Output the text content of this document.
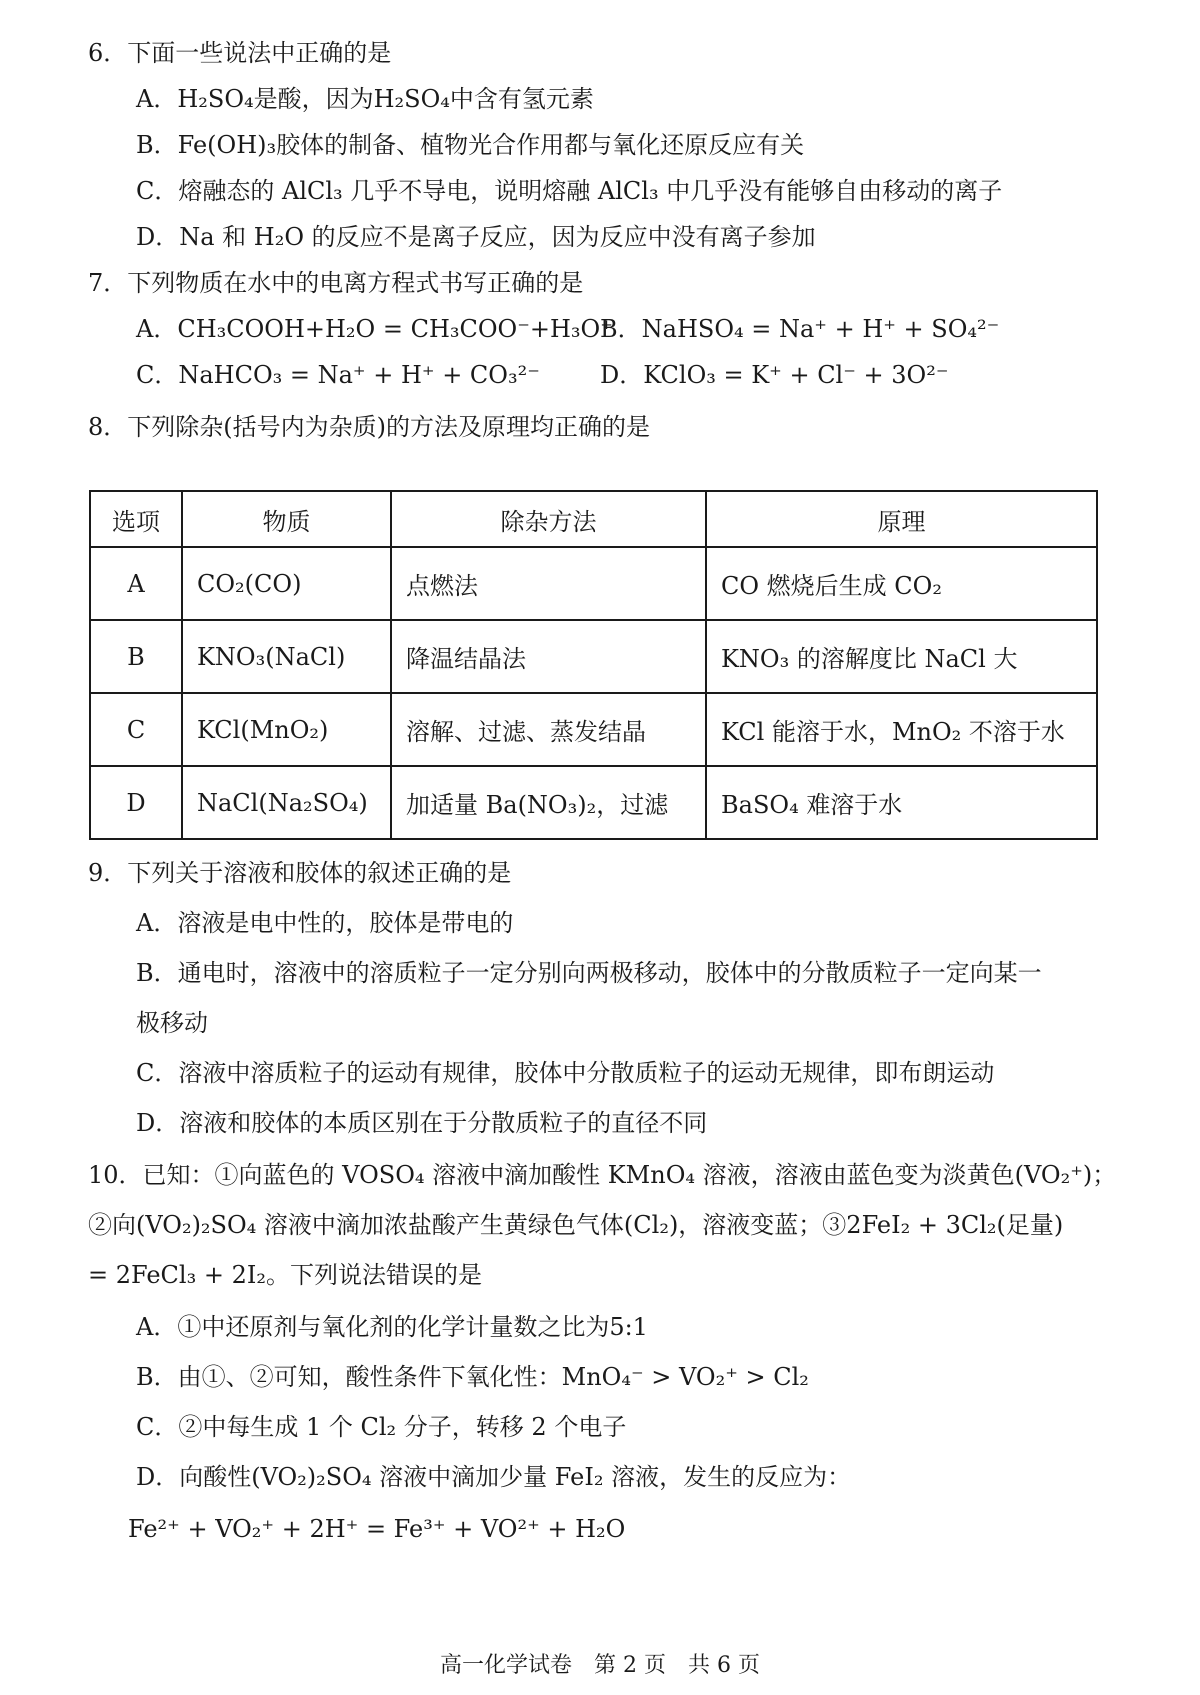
6．下面一些说法中正确的是
A．H₂SO₄是酸，因为H₂SO₄中含有氢元素
B．Fe(OH)₃胶体的制备、植物光合作用都与氧化还原反应有关
C．熔融态的 AlCl₃ 几乎不导电，说明熔融 AlCl₃ 中几乎没有能够自由移动的离子
D．Na 和 H₂O 的反应不是离子反应，因为反应中没有离子参加
7．下列物质在水中的电离方程式书写正确的是
A．CH₃COOH+H₂O = CH₃COO⁻+H₃O⁺
B．NaHSO₄ = Na⁺ + H⁺ + SO₄²⁻
C．NaHCO₃ = Na⁺ + H⁺ + CO₃²⁻	D．KClO₃ = K⁺ + Cl⁻ + 3O²⁻
8．下列除杂(括号内为杂质)的方法及原理均正确的是
选项	物质	除杂方法	原理
A	CO₂(CO)	点燃法	CO 燃烧后生成 CO₂
B	KNO₃(NaCl)	降温结晶法	KNO₃ 的溶解度比 NaCl 大
C	KCl(MnO₂)	溶解、过滤、蒸发结晶	KCl 能溶于水，MnO₂ 不溶于水
D	NaCl(Na₂SO₄)	加适量 Ba(NO₃)₂，过滤	BaSO₄ 难溶于水
9．下列关于溶液和胶体的叙述正确的是
A．溶液是电中性的，胶体是带电的
B．通电时，溶液中的溶质粒子一定分别向两极移动，胶体中的分散质粒子一定向某一
极移动
C．溶液中溶质粒子的运动有规律，胶体中分散质粒子的运动无规律，即布朗运动
D．溶液和胶体的本质区别在于分散质粒子的直径不同
10．已知：①向蓝色的 VOSO₄ 溶液中滴加酸性 KMnO₄ 溶液，溶液由蓝色变为淡黄色(VO₂⁺)；
②向(VO₂)₂SO₄ 溶液中滴加浓盐酸产生黄绿色气体(Cl₂)，溶液变蓝；③2FeI₂ + 3Cl₂(足量)
= 2FeCl₃ + 2I₂。下列说法错误的是
A．①中还原剂与氧化剂的化学计量数之比为5:1
B．由①、②可知，酸性条件下氧化性：MnO₄⁻ > VO₂⁺ > Cl₂
C．②中每生成 1 个 Cl₂ 分子，转移 2 个电子
D．向酸性(VO₂)₂SO₄ 溶液中滴加少量 FeI₂ 溶液，发生的反应为：
Fe²⁺ + VO₂⁺ + 2H⁺ = Fe³⁺ + VO²⁺ + H₂O
高一化学试卷　第 2 页　共 6 页
